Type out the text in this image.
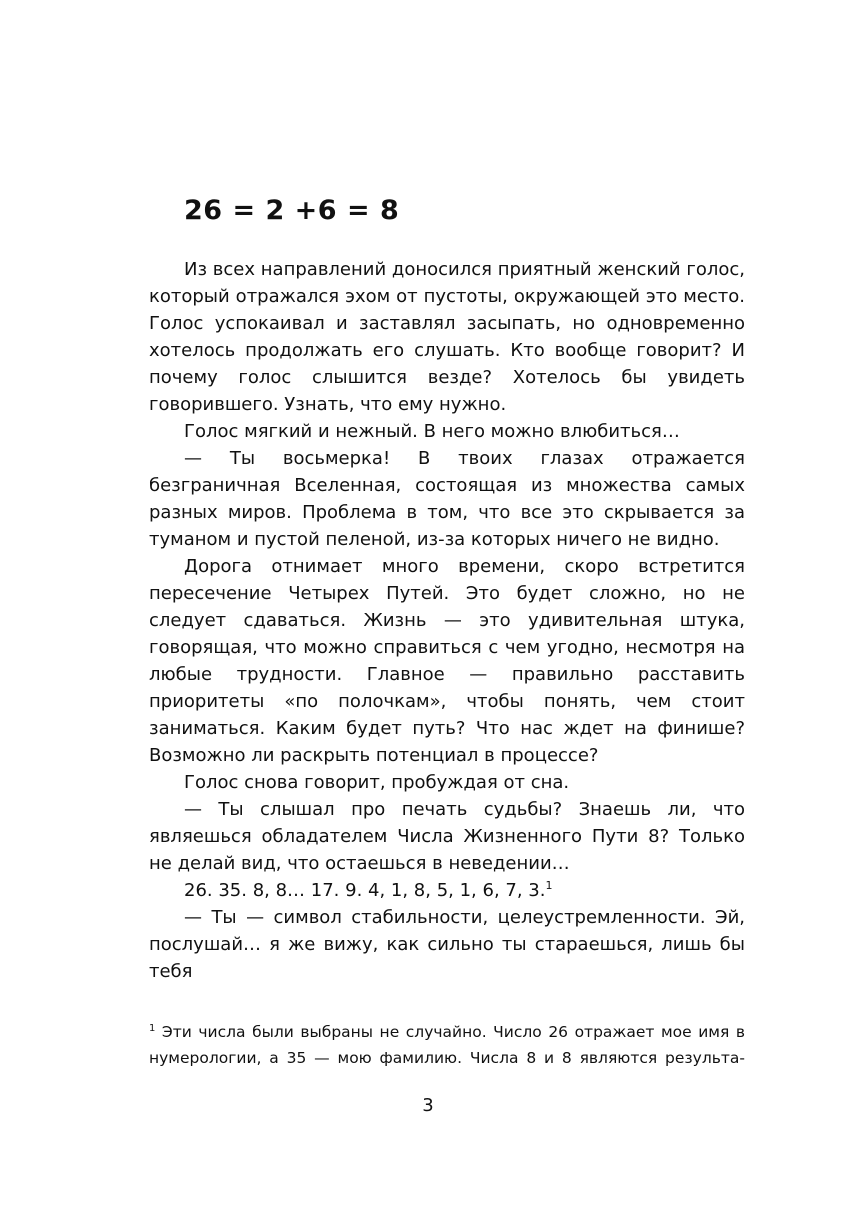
26 = 2 +6 = 8

Из всех направлений доносился приятный женский голос, который отражался эхом от пустоты, окружающей это место. Голос успокаивал и заставлял засыпать, но одновременно хотелось продолжать его слушать. Кто вообще говорит? И почему голос слышится везде? Хотелось бы увидеть говорившего. Узнать, что ему нужно.

Голос мягкий и нежный. В него можно влюбиться…

— Ты восьмерка! В твоих глазах отражается безграничная Вселенная, состоящая из множества самых разных миров. Проблема в том, что все это скрывается за туманом и пустой пеленой, из-за которых ничего не видно.

Дорога отнимает много времени, скоро встретится пересечение Четырех Путей. Это будет сложно, но не следует сдаваться. Жизнь — это удивительная штука, говорящая, что можно справиться с чем угодно, несмотря на любые трудности. Главное — правильно расставить приоритеты «по полочкам», чтобы понять, чем стоит заниматься. Каким будет путь? Что нас ждет на финише? Возможно ли раскрыть потенциал в процессе?

Голос снова говорит, пробуждая от сна.

— Ты слышал про печать судьбы? Знаешь ли, что являешься обладателем Числа Жизненного Пути 8? Только не делай вид, что остаешься в неведении…

26. 35. 8, 8… 17. 9. 4, 1, 8, 5, 1, 6, 7, 3.$^1$

— Ты — символ стабильности, целеустремленности. Эй, послушай… я же вижу, как сильно ты стараешься, лишь бы тебя

$^1$ Эти числа были выбраны не случайно. Число 26 отражает мое имя в нумерологии, а 35 — мою фамилию. Числа 8 и 8 являются результа-

3
